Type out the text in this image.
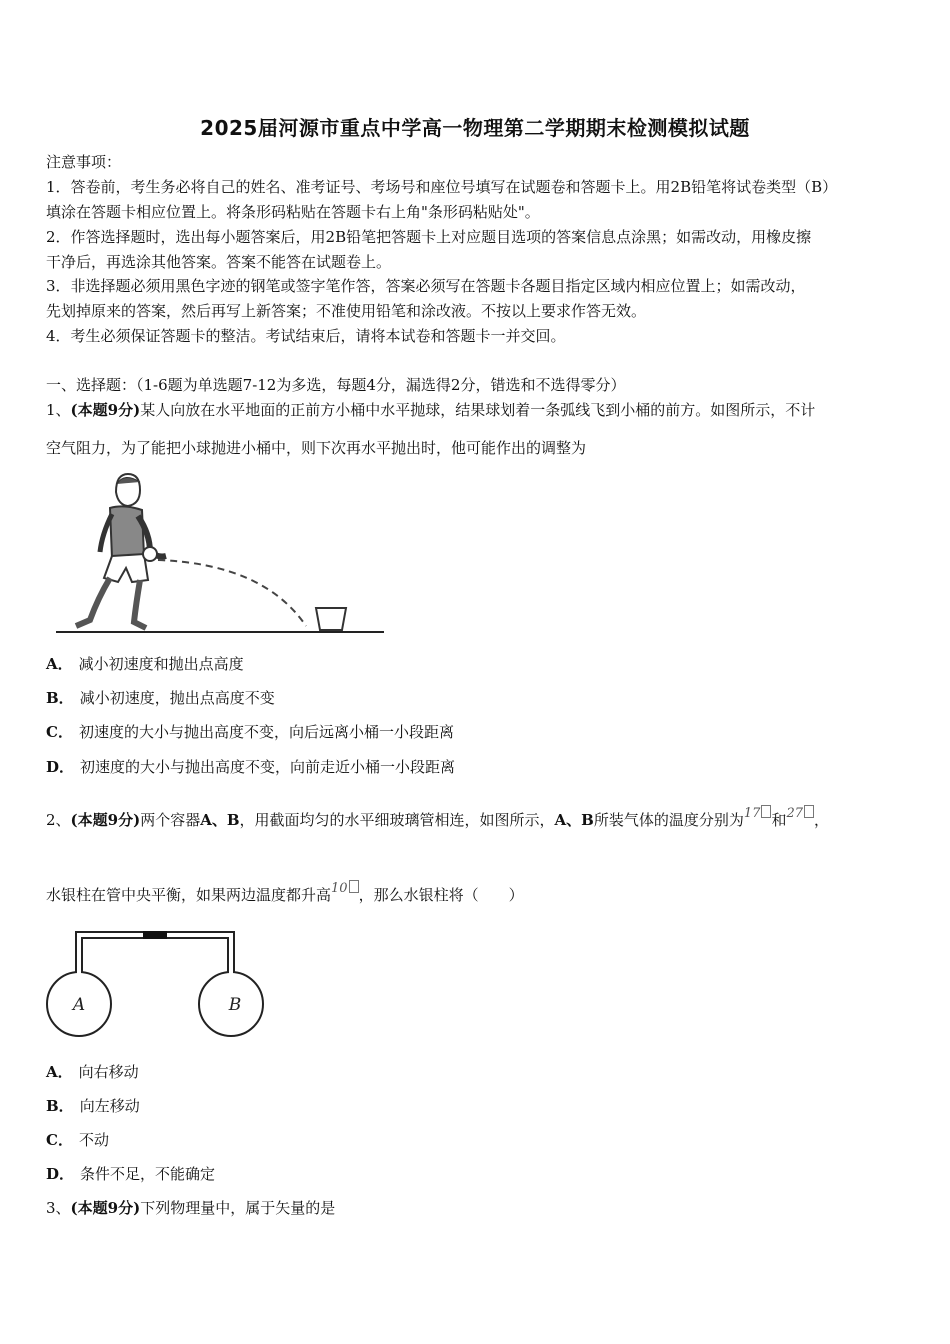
2025届河源市重点中学高一物理第二学期期末检测模拟试题
注意事项：
1．答卷前，考生务必将自己的姓名、准考证号、考场号和座位号填写在试题卷和答题卡上。用2B铅笔将试卷类型（B）
填涂在答题卡相应位置上。将条形码粘贴在答题卡右上角"条形码粘贴处"。
2．作答选择题时，选出每小题答案后，用2B铅笔把答题卡上对应题目选项的答案信息点涂黑；如需改动，用橡皮擦
干净后，再选涂其他答案。答案不能答在试题卷上。
3．非选择题必须用黑色字迹的钢笔或签字笔作答，答案必须写在答题卡各题目指定区域内相应位置上；如需改动，
先划掉原来的答案，然后再写上新答案；不准使用铅笔和涂改液。不按以上要求作答无效。
4．考生必须保证答题卡的整洁。考试结束后，请将本试卷和答题卡一并交回。
一、选择题：（1-6题为单选题7-12为多选，每题4分，漏选得2分，错选和不选得零分）
1、(本题9分)某人向放在水平地面的正前方小桶中水平抛球，结果球划着一条弧线飞到小桶的前方。如图所示，不计
空气阻力，为了能把小球抛进小桶中，则下次再水平抛出时，他可能作出的调整为
A． 减小初速度和抛出点高度
B． 减小初速度，抛出点高度不变
C． 初速度的大小与抛出高度不变，向后远离小桶一小段距离
D． 初速度的大小与抛出高度不变，向前走近小桶一小段距离
2、(本题9分)两个容器A、B，用截面均匀的水平细玻璃管相连，如图所示，A、B所装气体的温度分别为17 和27 ，
水银柱在管中央平衡，如果两边温度都升高10 ，那么水银柱将（　　）
A	B
A． 向右移动
B． 向左移动
C． 不动
D． 条件不足，不能确定
3、(本题9分)下列物理量中，属于矢量的是
